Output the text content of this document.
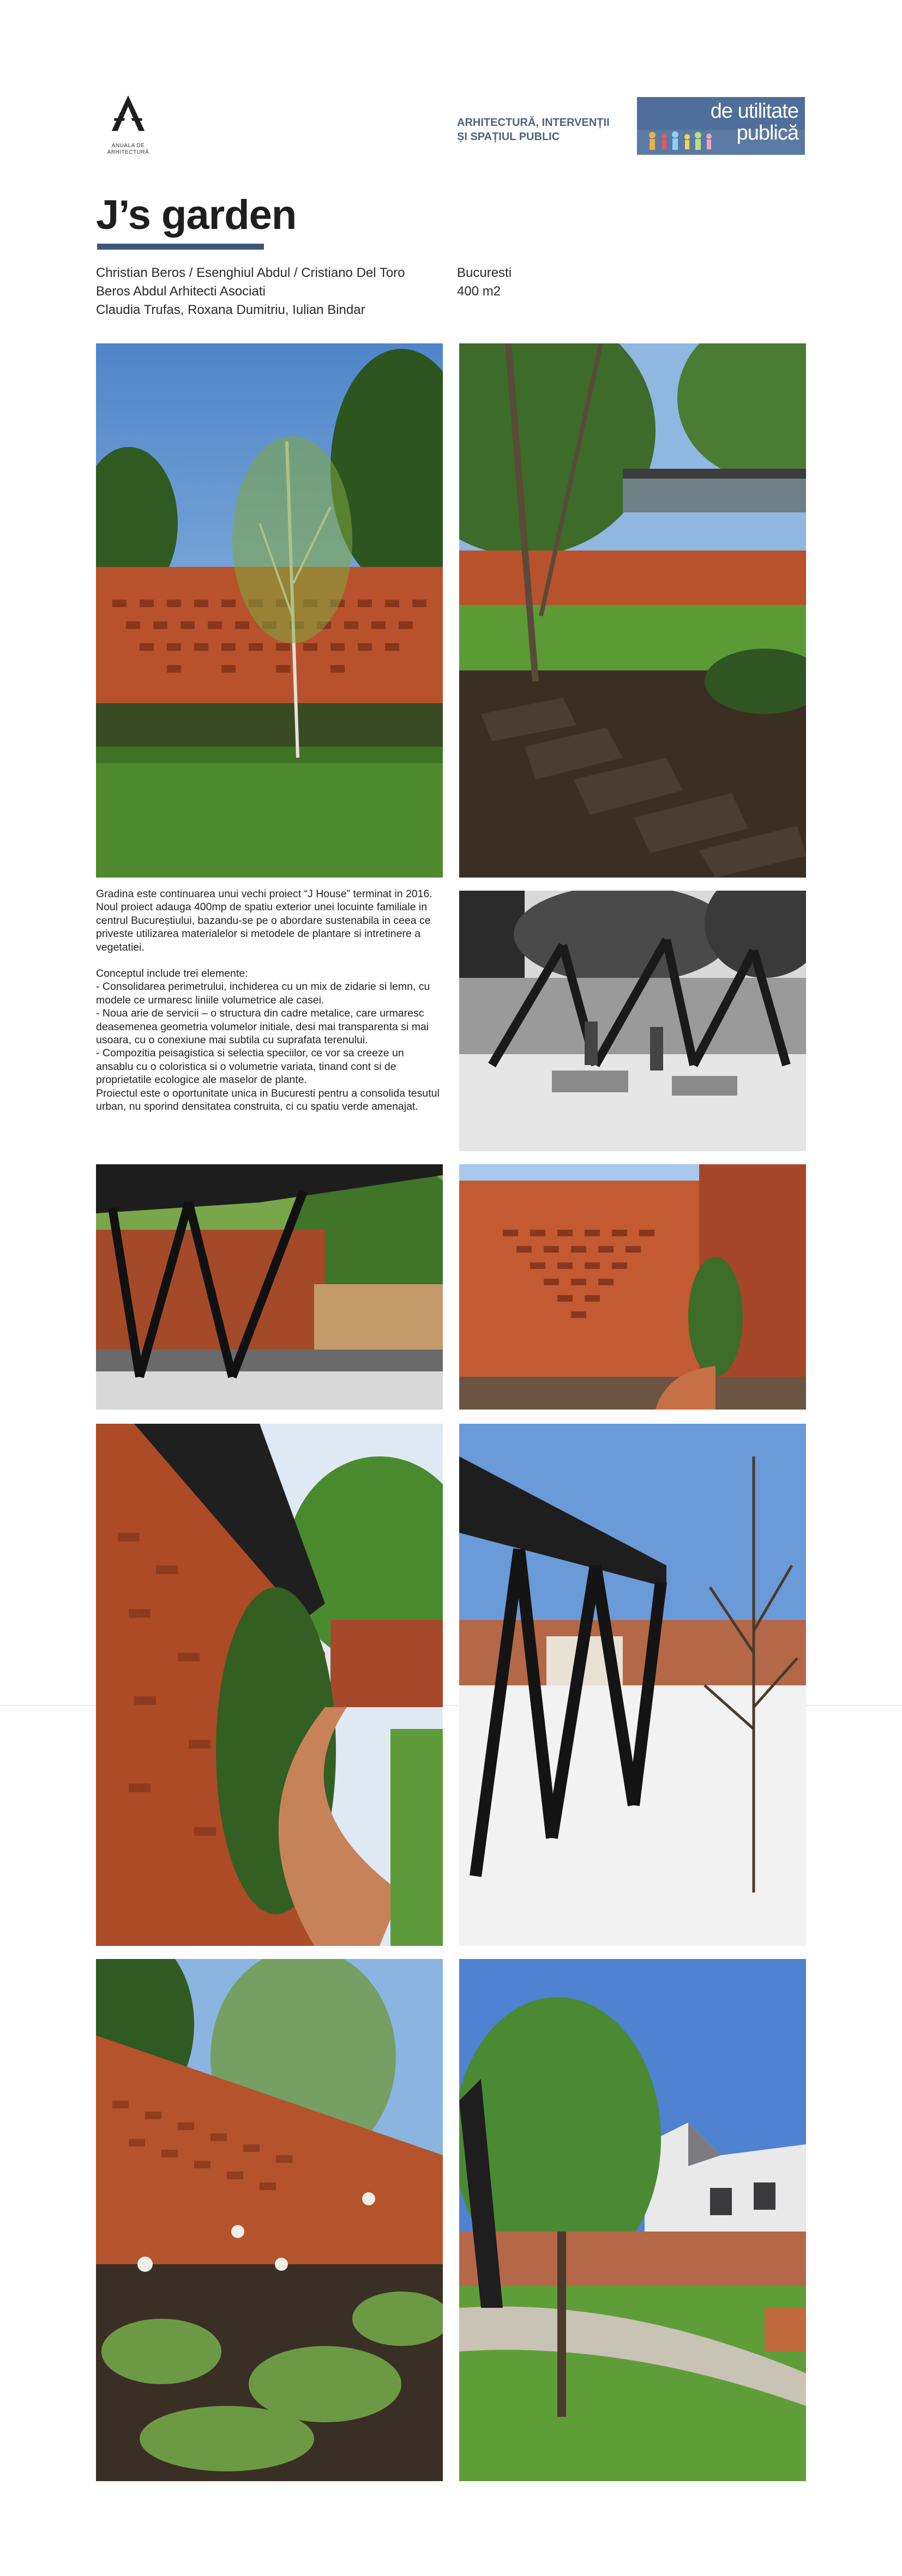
ANUALA DE ARHITECTURĂ
ARHITECTURĂ, INTERVENȚII
ȘI SPAȚIUL PUBLIC
de utilitate
publică
J’s garden
Christian Beros / Esenghiul Abdul / Cristiano Del Toro
Beros Abdul Arhitecti Asociati
Claudia Trufas, Roxana Dumitriu, Iulian Bindar
Bucuresti
400 m2

Gradina este continuarea unui vechi proiect “J House” terminat in 2016. Noul proiect adauga 400mp de spatiu exterior unei locuinte familiale in centrul Bucureștiului, bazandu-se pe o abordare sustenabila in ceea ce priveste utilizarea materialelor si metodele de plantare si intretinere a vegetatiei.

Conceptul include trei elemente:

- Consolidarea perimetrului, inchiderea cu un mix de zidarie si lemn, cu modele ce urmaresc liniile volumetrice ale casei.

- Noua arie de servicii – o structura din cadre metalice, care urmaresc deasemenea geometria volumelor initiale, desi mai transparenta si mai usoara, cu o conexiune mai subtila cu suprafata terenului.

- Compozitia peisagistica si selectia speciilor, ce vor sa creeze un ansablu cu o coloristica si o volumetrie variata, tinand cont si de proprietatile ecologice ale maselor de plante.

Proiectul este o oportunitate unica in Bucuresti pentru a consolida tesutul urban, nu sporind densitatea construita, ci cu spatiu verde amenajat.
